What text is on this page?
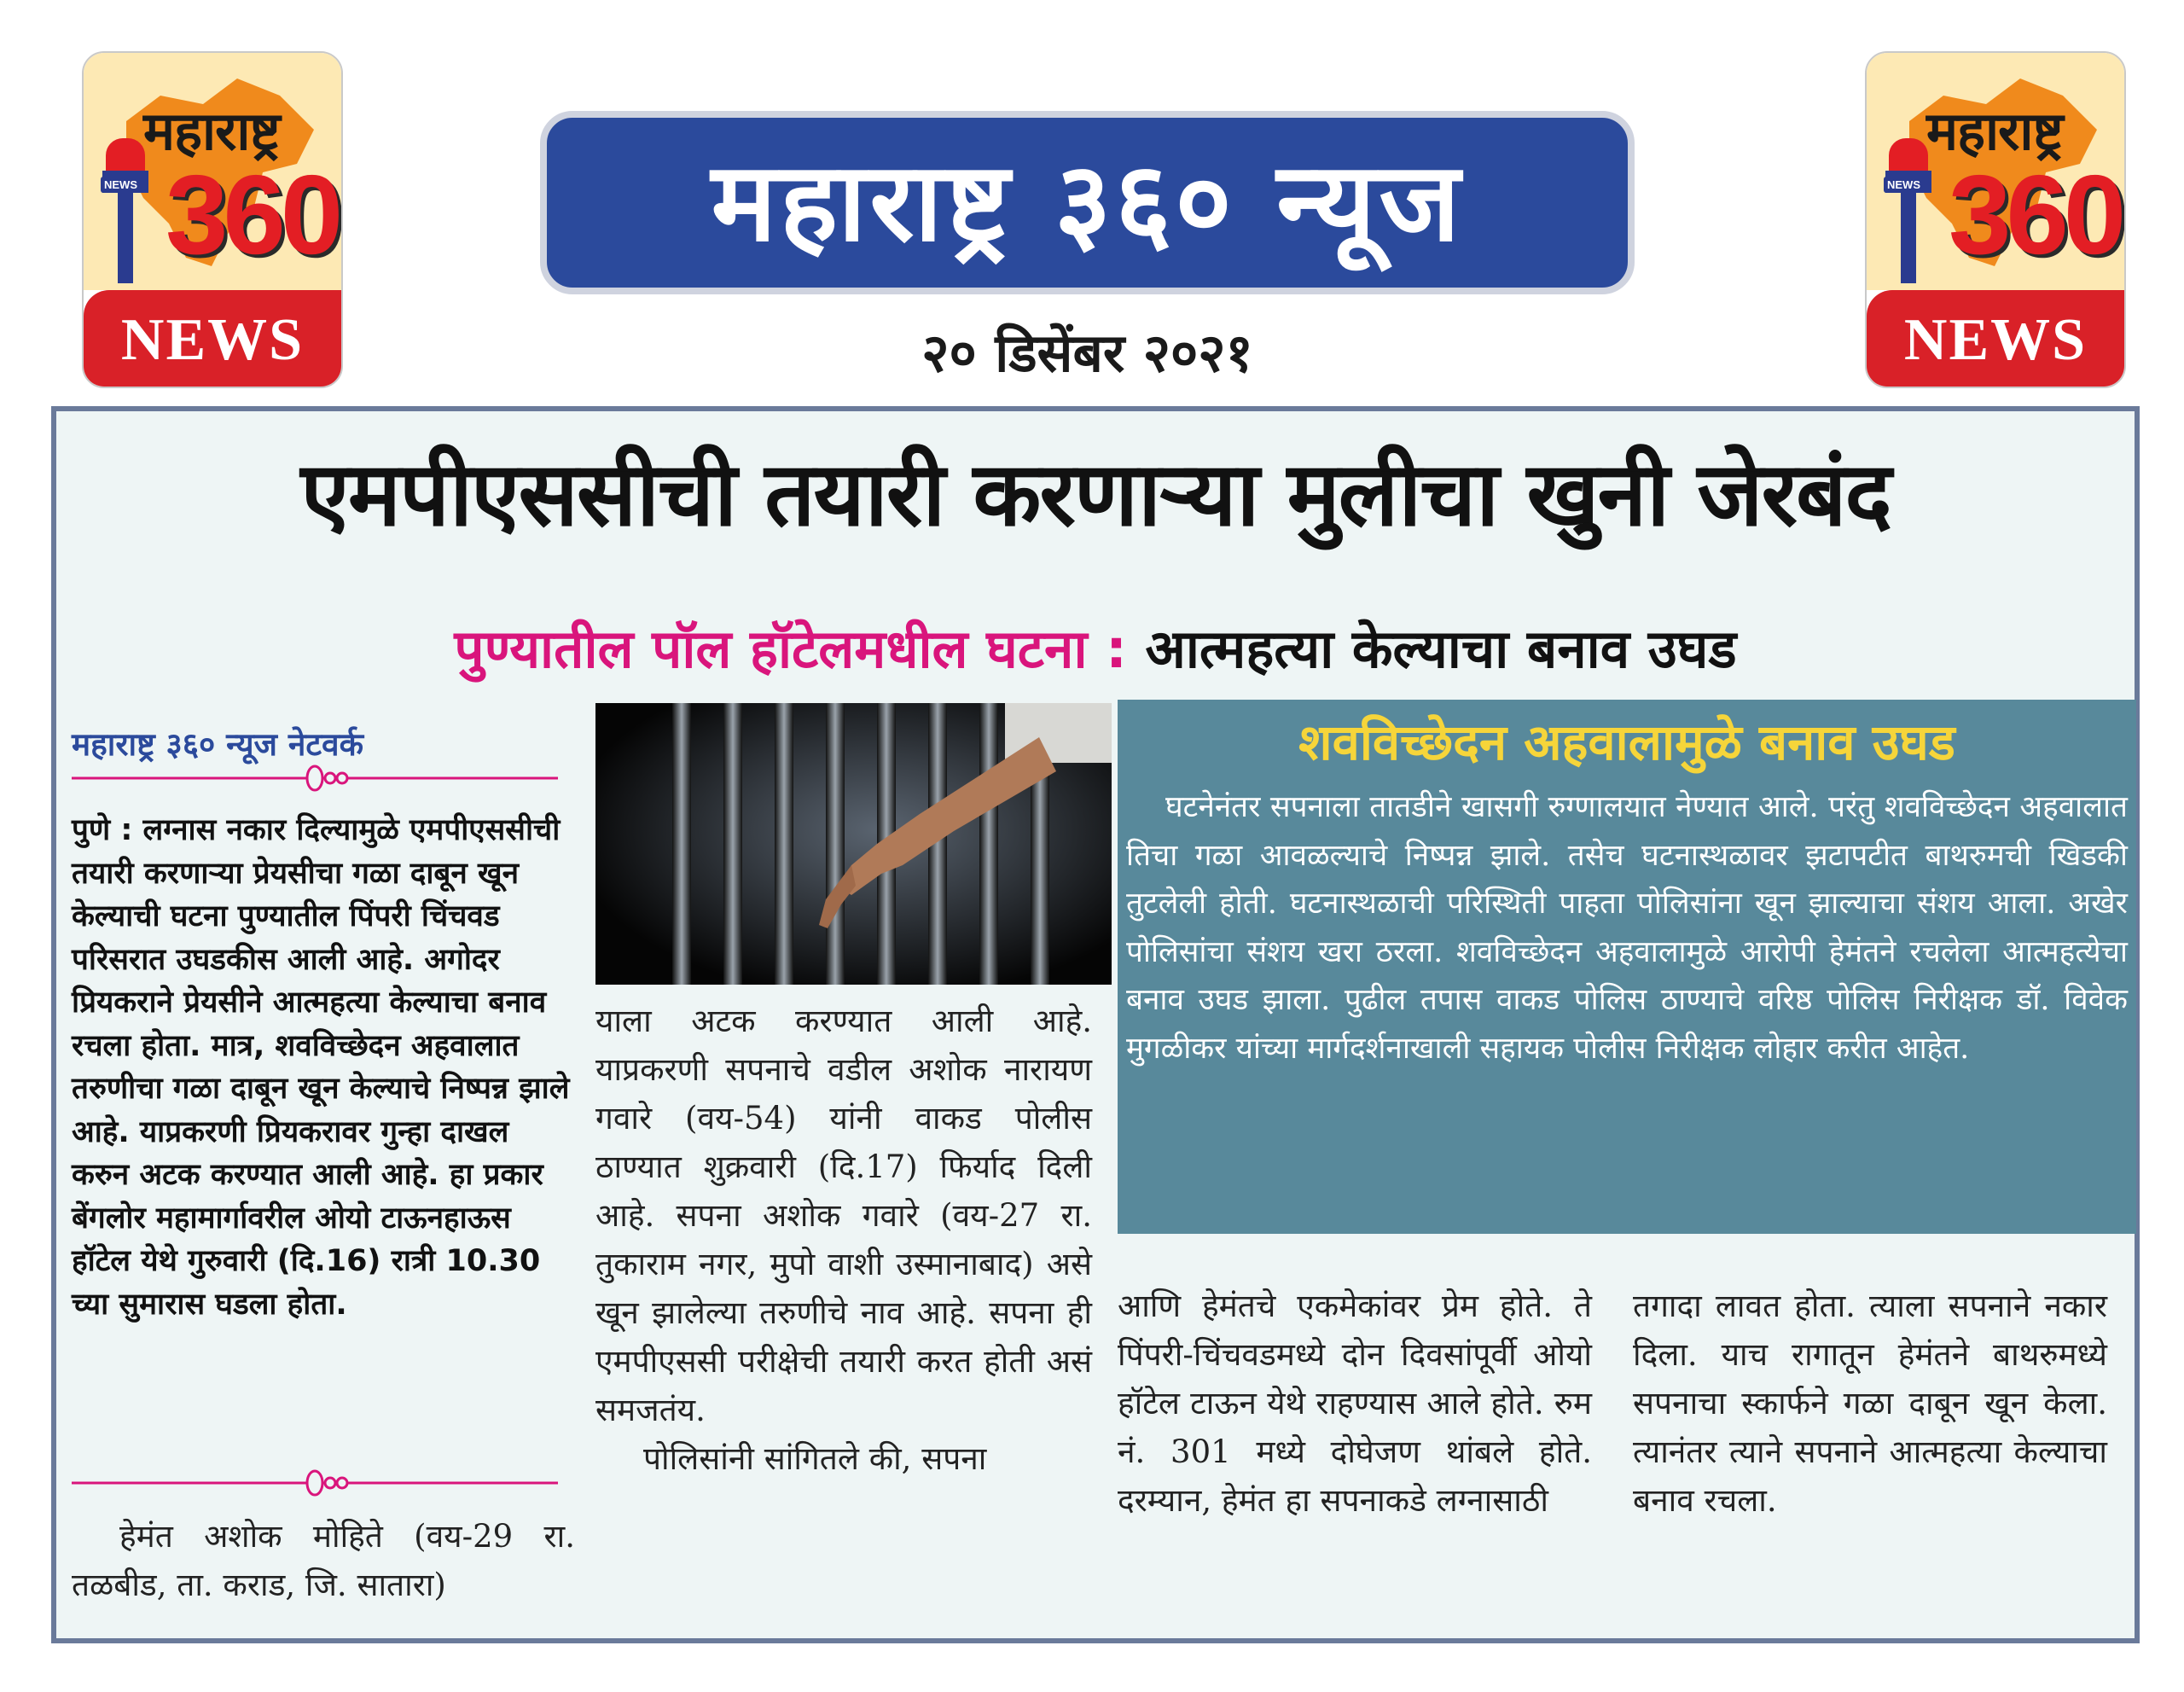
NEWS
महाराष्ट्र
360
NEWS
महाराष्ट्र ३६० न्यूज
२० डिसेंबर २०२१
NEWS
महाराष्ट्र
360
NEWS
एमपीएससीची तयारी करणाऱ्या मुलीचा खुनी जेरबंद
पुण्यातील पॉल हॉटेलमधील घटना : आत्महत्या केल्याचा बनाव उघड
महाराष्ट्र ३६० न्यूज नेटवर्क
पुणे : लग्नास नकार दिल्यामुळे एमपीएससीची तयारी करणाऱ्या प्रेयसीचा गळा दाबून खून केल्याची घटना पुण्यातील पिंपरी चिंचवड परिसरात उघडकीस आली आहे. अगोदर प्रियकराने प्रेयसीने आत्महत्या केल्याचा बनाव रचला होता. मात्र, शवविच्छेदन अहवालात तरुणीचा गळा दाबून खून केल्याचे निष्पन्न झाले आहे. याप्रकरणी प्रियकरावर गुन्हा दाखल करुन अटक करण्यात आली आहे. हा प्रकार बेंगलोर महामार्गावरील ओयो टाऊनहाऊस हॉटेल येथे गुरुवारी (दि.16) रात्री 10.30 च्या सुमारास घडला होता.
हेमंत अशोक मोहिते (वय-29 रा. तळबीड, ता. कराड, जि. सातारा)
याला अटक करण्यात आली आहे. याप्रकरणी सपनाचे वडील अशोक नारायण गवारे (वय-54) यांनी वाकड पोलीस ठाण्यात शुक्रवारी (दि.17) फिर्याद दिली आहे. सपना अशोक गवारे (वय-27 रा. तुकाराम नगर, मुपो वाशी उस्मानाबाद) असे खून झालेल्या तरुणीचे नाव आहे. सपना ही एमपीएससी परीक्षेची तयारी करत होती असं समजतंय.
पोलिसांनी सांगितले की, सपना
शवविच्छेदन अहवालामुळे बनाव उघड
घटनेनंतर सपनाला तातडीने खासगी रुग्णालयात नेण्यात आले. परंतु शवविच्छेदन अहवालात तिचा गळा आवळल्याचे निष्पन्न झाले. तसेच घटनास्थळावर झटापटीत बाथरुमची खिडकी तुटलेली होती. घटनास्थळाची परिस्थिती पाहता पोलिसांना खून झाल्याचा संशय आला. अखेर पोलिसांचा संशय खरा ठरला. शवविच्छेदन अहवालामुळे आरोपी हेमंतने रचलेला आत्महत्येचा बनाव उघड झाला. पुढील तपास वाकड पोलिस ठाण्याचे वरिष्ठ पोलिस निरीक्षक डॉ. विवेक मुगळीकर यांच्या मार्गदर्शनाखाली सहायक पोलीस निरीक्षक लोहार करीत आहेत.
आणि हेमंतचे एकमेकांवर प्रेम होते. ते पिंपरी-चिंचवडमध्ये दोन दिवसांपूर्वी ओयो हॉटेल टाऊन येथे राहण्यास आले होते. रुम नं. 301 मध्ये दोघेजण थांबले होते. दरम्यान, हेमंत हा सपनाकडे लग्नासाठी
तगादा लावत होता. त्याला सपनाने नकार दिला. याच रागातून हेमंतने बाथरुमध्ये सपनाचा स्कार्फने गळा दाबून खून केला. त्यानंतर त्याने सपनाने आत्महत्या केल्याचा बनाव रचला.
